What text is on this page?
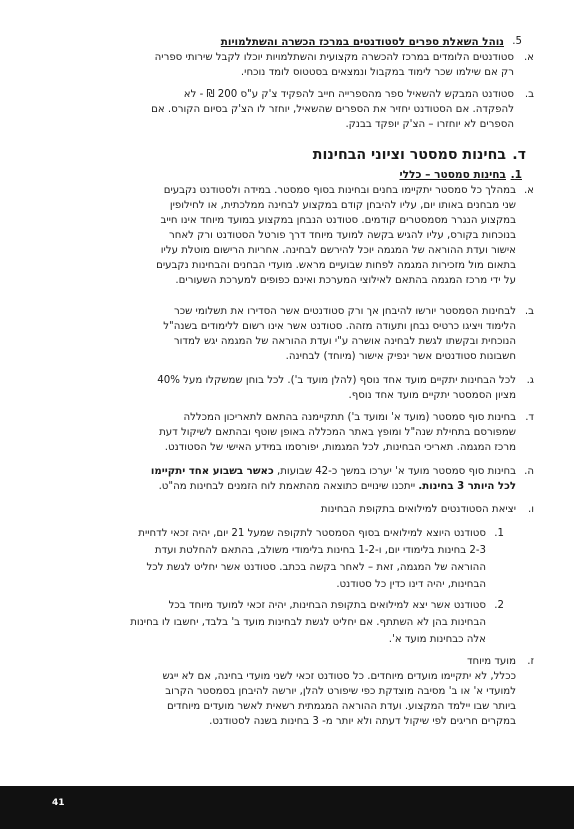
5.
נוהל השאלת ספרים לסטודנטים במרכז הכשרה והשתלמויות
א.
סטודנטים הלומדים במרכז להכשרה מקצועית והשתלמויות יוכלו לקבל שירותי ספריה
רק אם שילמו שכר לימוד במקבול ונמצאים בסטטוס לומד נוכחי.
ב.
סטודנט המבקש להשאיל ספר מהספרייה חייב להפקיד צ'ק ע"ס 200 ₪ - לא
להפקדה. אם הסטודנט יחזיר את הספרים שהשאיל, יוחזר לו הצ'ק בסיום הקורס. אם
הספרים לא יוחזרו – הצ'ק יופקד בבנק.
ד.
בחינות סמסטר וציוני הבחינות
1.
בחינות סמסטר – כללי
א.
במהלך כל סמסטר יתקיימו בחנים ובחינות בסוף סמסטר. במידה ולסטודנט נקבעים
שני מבחנים באותו יום, עליו להיבחן קודם במקצוע לבחינה ממלכתית, או לחילופין
במקצוע הנגרר מסמסטרים קודמים. סטודנט הנבחן במקצוע במועד מיוחד אינו חייב
בנוכחות בקורס, עליו להגיש בקשה למועד מיוחד דרך פורטל הסטודנט ורק לאחר
אישור ועדת ההוראה של המגמה יוכל להירשם לבחינה. אחריות הרישום מוטלת עליו
בתאום מול מזכירות המגמה לפחות שבועיים מראש. מועדי הבחנים והבחינות נקבעים
על ידי מרכז המגמה בהתאם לאילוצי המערכת ואינם כפופים למערכת השעורים.
ב.
לבחינות הסמסטר יורשו להיבחן אך ורק סטודנטים אשר הסדירו את תשלומי שכר
הלימוד ויציגו כרטיס נבחן ותעודה מזהה. סטודנט אשר אינו רשום ללימודים בשנה"ל
הנוכחית ובקשתו לגשת לבחינה אושרה ע"י ועדת ההוראה של המגמה יגש למדור
חשבונות סטודנטים אשר ינפיק אישור (מיוחד) לבחינה.
ג.
לכל הבחינות יתקיים מועד אחד נוסף (להלן מועד ב'). לכל בוחן שמשקלו מעל 40%
מציון הסמסטר יתקיים מועד אחד נוסף.
ד.
בחינות סוף סמסטר (מועד א' ומועד ב') תתקיימנה בהתאם לתאריכון המכללה
שמפורסם בתחילת שנה"ל ומופץ באתר המכללה באופן שוטף ובהתאם לשיקול דעת
מרכז המגמה. תאריכי הבחינות, לכל המגמות, יפורסמו במידע האישי של הסטודנט.
ה.
בחינות סוף סמסטר מועד א' יערכו במשך כ-42 שבועות, כאשר בשבוע אחד יתקיימו
לכל היותר 3 בחינות. ייתכנו שינויים כתוצאה מהתאמת לוח הזמנים לבחינות מה"ט.
ו.
יציאת הסטודנטים למילואים בתקופת הבחינות
1.
סטודנט היוצא למילואים בסוף הסמסטר לתקופה שמעל 21 יום, יהיה זכאי לדחיית
2-3 בחינות בלימודי יום, ו-1-2 בחינות בלימודי משולב, בהתאם להחלטת ועדת
ההוראה של המגמה, זאת – לאחר בקשה בכתב. סטודנט אשר יחליט לגשת לכל
הבחינות, יהיה דינו כדין כל סטודנט.
2.
סטודנט אשר יצא למילואים בתקופת הבחינות, יהיה זכאי למועד מיוחד בכל
הבחינות בהן לא השתתף. אם יחליט לגשת לבחינות מועד ב' בלבד, יחשבו לו בחינות
אלה כבחינות מועד א'.
ז.
מועד מיוחד
ככלל, לא יתקיימו מועדים מיוחדים. כל סטודנט זכאי לשני מועדי בחינה, אם לא ייגש
למועדי א' או ב' מסיבה מוצדקת כפי שיפורט להלן, יורשה להיבחן בסמסטר הקרוב
ביותר שבו יילמד המקצוע. ועדת ההוראה המגמתית רשאית לאשר מועדים מיוחדים
במקרים חריגים לפי שיקול דעתה ולא יותר מ- 3 בחינות בשנה לסטודנט.
41
